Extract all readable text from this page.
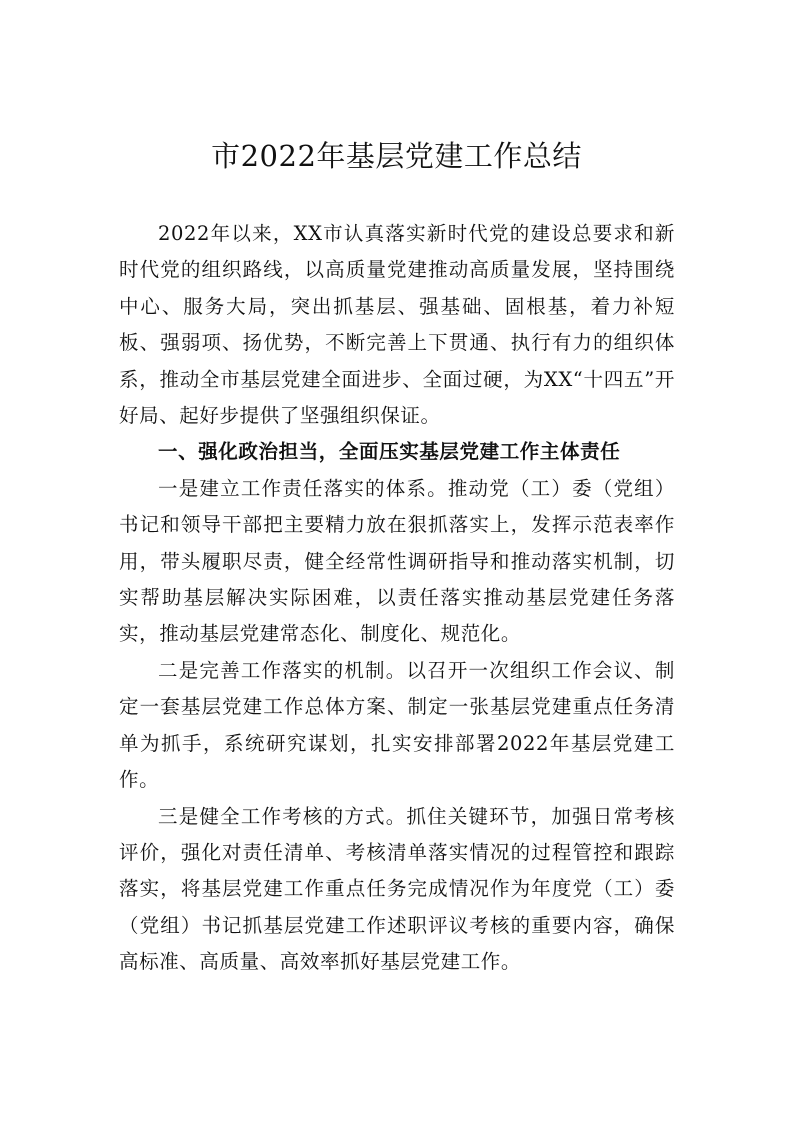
市2022年基层党建工作总结

2022年以来，XX市认真落实新时代党的建设总要求和新时代党的组织路线，以高质量党建推动高质量发展，坚持围绕中心、服务大局，突出抓基层、强基础、固根基，着力补短板、强弱项、扬优势，不断完善上下贯通、执行有力的组织体系，推动全市基层党建全面进步、全面过硬，为XX“十四五”开好局、起好步提供了坚强组织保证。

一、强化政治担当，全面压实基层党建工作主体责任

一是建立工作责任落实的体系。推动党（工）委（党组）书记和领导干部把主要精力放在狠抓落实上，发挥示范表率作用，带头履职尽责，健全经常性调研指导和推动落实机制，切实帮助基层解决实际困难，以责任落实推动基层党建任务落实，推动基层党建常态化、制度化、规范化。

二是完善工作落实的机制。以召开一次组织工作会议、制定一套基层党建工作总体方案、制定一张基层党建重点任务清单为抓手，系统研究谋划，扎实安排部署2022年基层党建工作。

三是健全工作考核的方式。抓住关键环节，加强日常考核评价，强化对责任清单、考核清单落实情况的过程管控和跟踪落实，将基层党建工作重点任务完成情况作为年度党（工）委（党组）书记抓基层党建工作述职评议考核的重要内容，确保高标准、高质量、高效率抓好基层党建工作。
